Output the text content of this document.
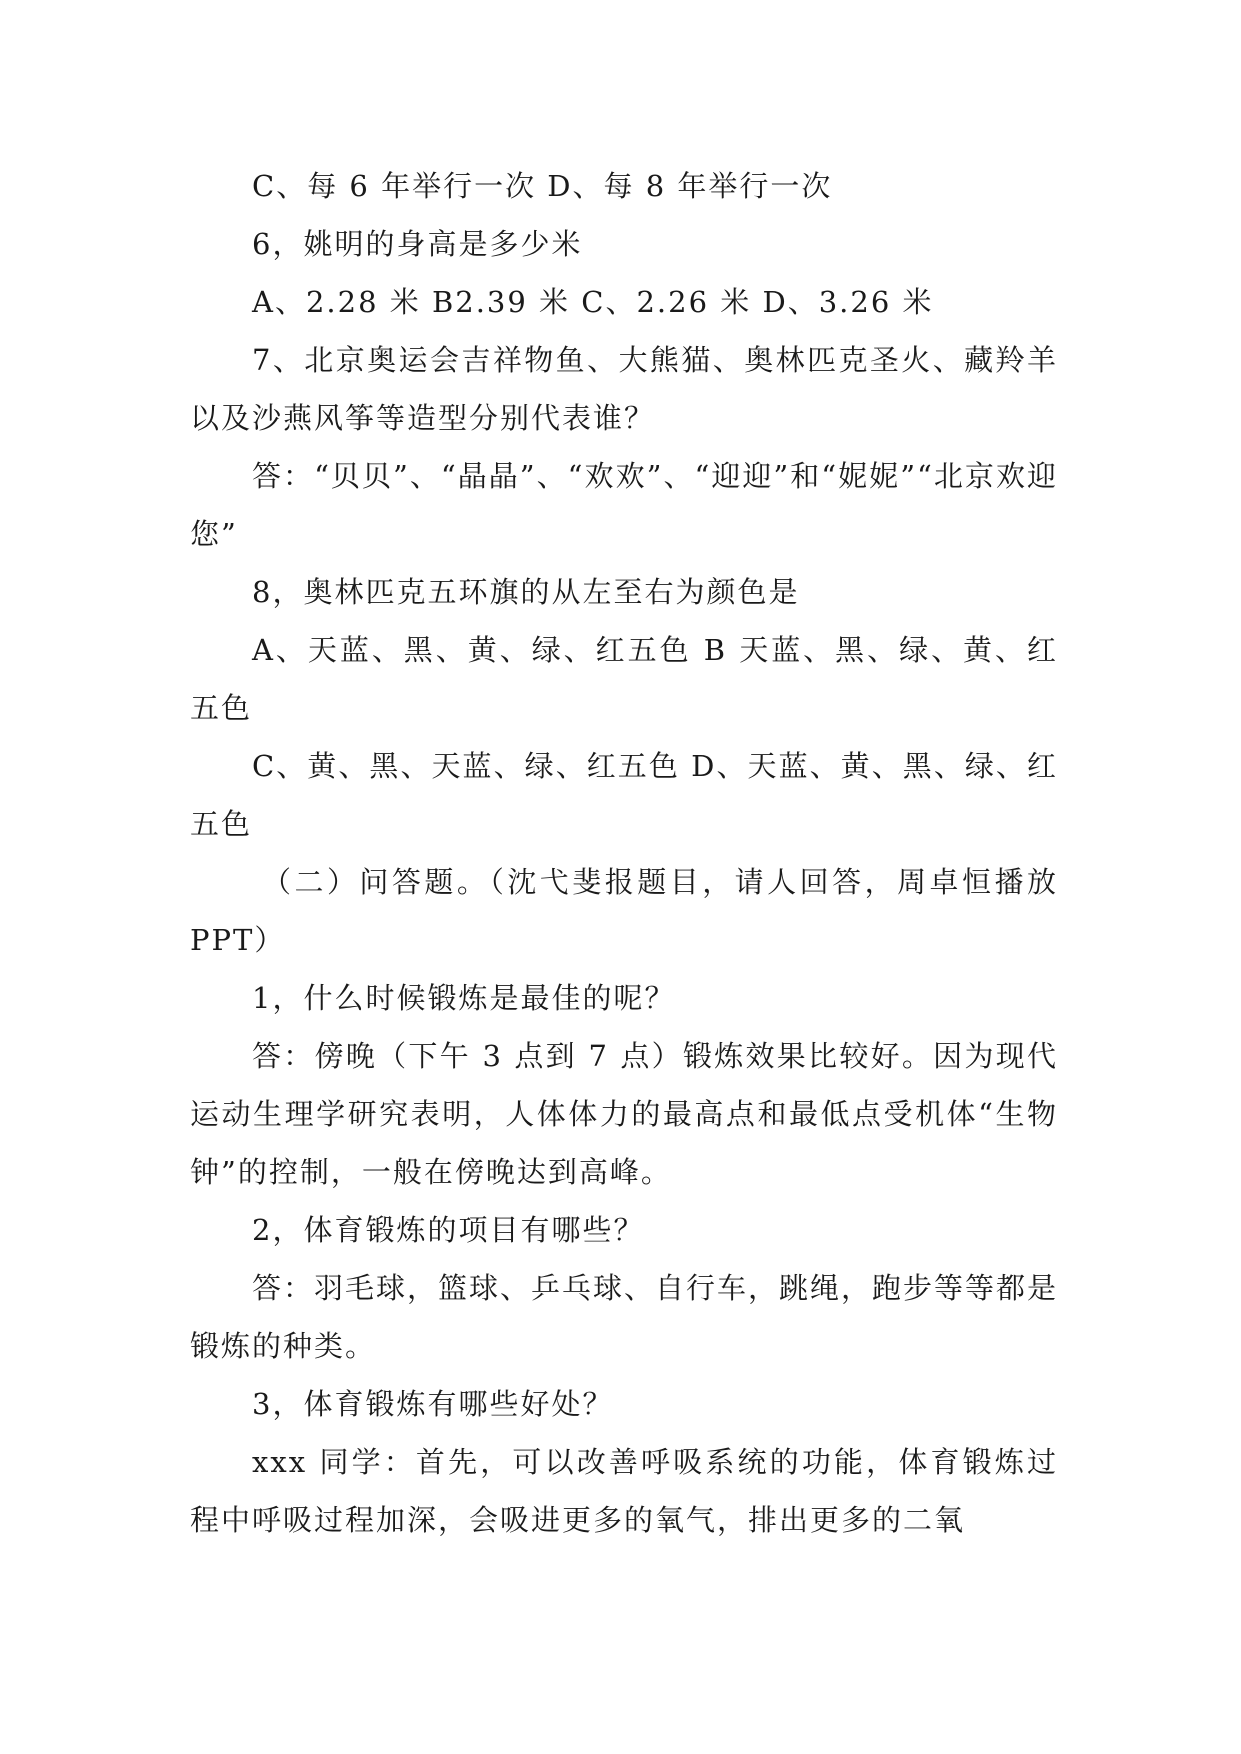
C、每 6 年举行一次 D、每 8 年举行一次

6，姚明的身高是多少米

A、2.28 米 B2.39 米 C、2.26 米 D、3.26 米

7、北京奥运会吉祥物鱼、大熊猫、奥林匹克圣火、藏羚羊以及沙燕风筝等造型分别代表谁？

答：“贝贝”、“晶晶”、“欢欢”、“迎迎”和“妮妮”“北京欢迎您”

8，奥林匹克五环旗的从左至右为颜色是

A、天蓝、黑、黄、绿、红五色 B 天蓝、黑、绿、黄、红五色

C、黄、黑、天蓝、绿、红五色 D、天蓝、黄、黑、绿、红五色

（二）问答题。（沈弋斐报题目，请人回答，周卓恒播放 PPT）

1，什么时候锻炼是最佳的呢？

答：傍晚（下午 3 点到 7 点）锻炼效果比较好。因为现代运动生理学研究表明，人体体力的最高点和最低点受机体“生物钟”的控制，一般在傍晚达到高峰。

2，体育锻炼的项目有哪些？

答：羽毛球，篮球、乒乓球、自行车，跳绳，跑步等等都是锻炼的种类。

3，体育锻炼有哪些好处？

xxx 同学：首先，可以改善呼吸系统的功能，体育锻炼过程中呼吸过程加深，会吸进更多的氧气，排出更多的二氧
